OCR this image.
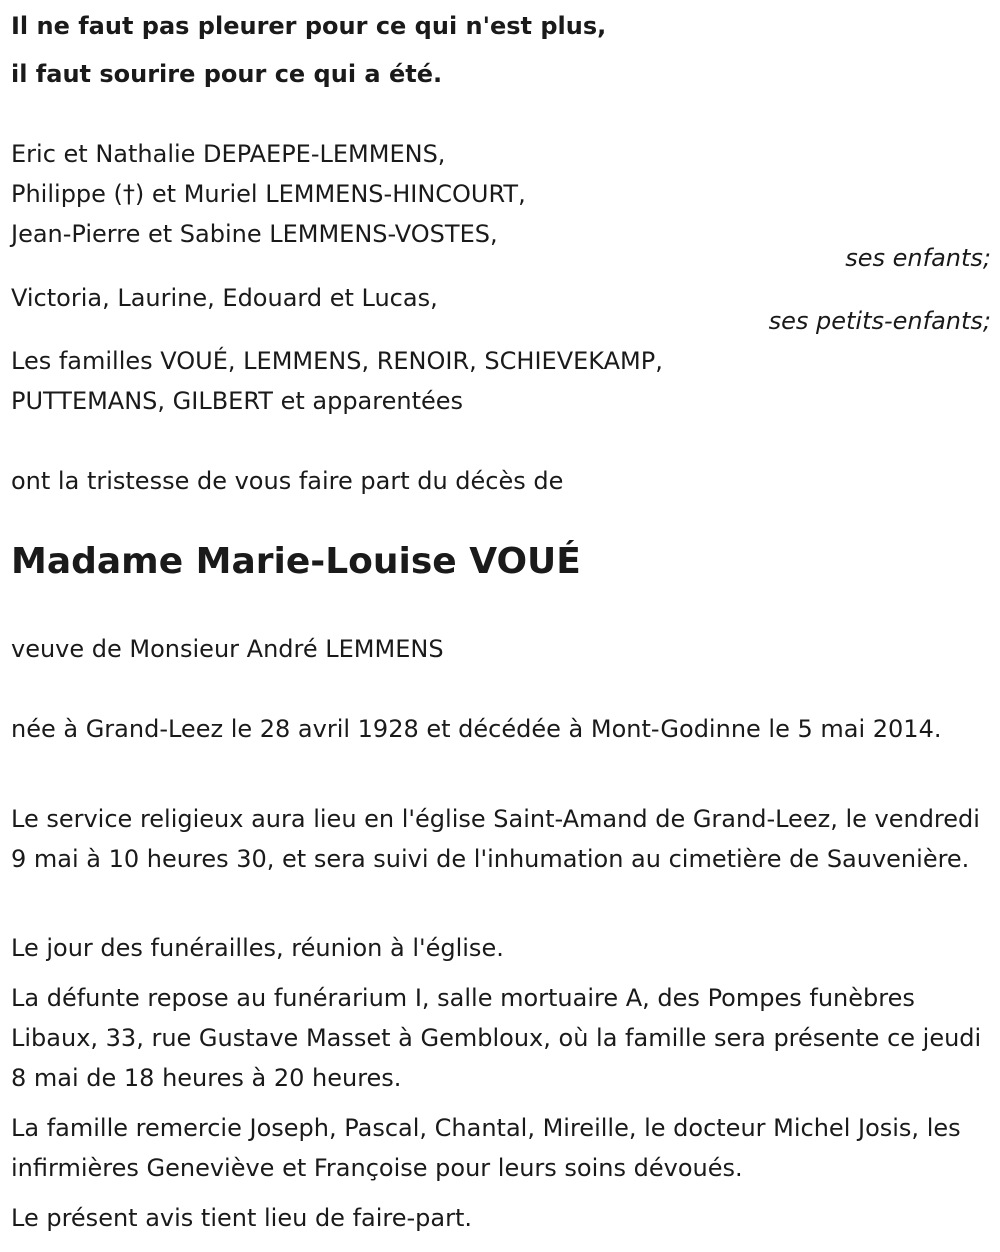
Il ne faut pas pleurer pour ce qui n'est plus,
il faut sourire pour ce qui a été.
Eric et Nathalie DEPAEPE-LEMMENS,
Philippe (†) et Muriel LEMMENS-HINCOURT,
Jean-Pierre et Sabine LEMMENS-VOSTES,
ses enfants;
Victoria, Laurine, Edouard et Lucas,
ses petits-enfants;
Les familles VOUÉ, LEMMENS, RENOIR, SCHIEVEKAMP,
PUTTEMANS, GILBERT et apparentées
ont la tristesse de vous faire part du décès de
Madame Marie-Louise VOUÉ
veuve de Monsieur André LEMMENS
née à Grand-Leez le 28 avril 1928 et décédée à Mont-Godinne le 5 mai 2014.
Le service religieux aura lieu en l'église Saint-Amand de Grand-Leez, le vendredi 9 mai à 10 heures 30, et sera suivi de l'inhumation au cimetière de Sauvenière.
Le jour des funérailles, réunion à l'église.
La défunte repose au funérarium I, salle mortuaire A, des Pompes funèbres Libaux, 33, rue Gustave Masset à Gembloux, où la famille sera présente ce jeudi 8 mai de 18 heures à 20 heures.
La famille remercie Joseph, Pascal, Chantal, Mireille, le docteur Michel Josis, les infirmières Geneviève et Françoise pour leurs soins dévoués.
Le présent avis tient lieu de faire-part.
